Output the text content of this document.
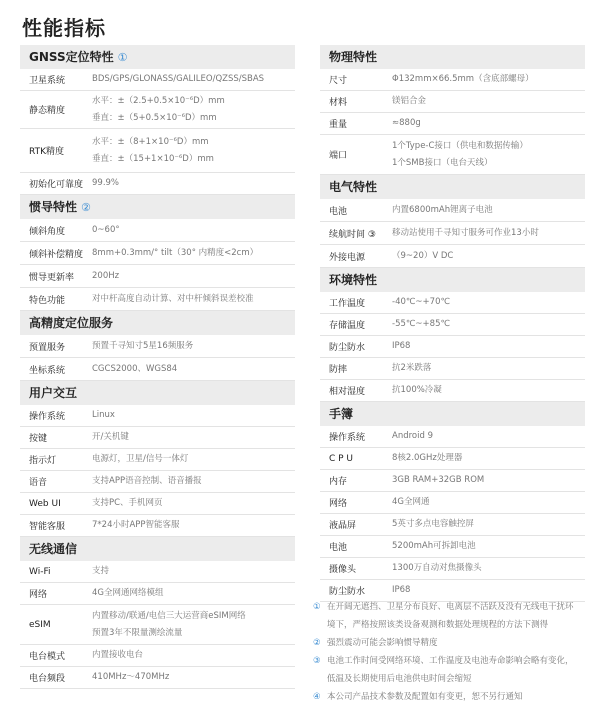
性能指标
GNSS定位特性 ①
卫星系统	BDS/GPS/GLONASS/GALILEO/QZSS/SBAS
静态精度
水平：±（2.5+0.5×10⁻⁶D）mm
垂直：±（5+0.5×10⁻⁶D）mm
RTK精度
水平：±（8+1×10⁻⁶D）mm
垂直：±（15+1×10⁻⁶D）mm
初始化可靠度	99.9%
惯导特性 ②
倾斜角度	0~60°
倾斜补偿精度	8mm+0.3mm/° tilt（30° 内精度<2cm）
惯导更新率	200Hz
特色功能	对中杆高度自动计算、对中杆倾斜误差校准
高精度定位服务
预置服务	预置千寻知寸5星16频服务
坐标系统	CGCS2000、WGS84
用户交互
操作系统	Linux
按键	开/关机键
指示灯	电源灯，卫星/信号一体灯
语音	支持APP语音控制、语音播报
Web UI	支持PC、手机网页
智能客服	7*24小时APP智能客服
无线通信
Wi-Fi	支持
网络	4G全网通网络模组
eSIM
内置移动/联通/电信三大运营商eSIM网络
预置3年不限量测绘流量
电台模式	内置接收电台
电台频段	410MHz～470MHz
物理特性
尺寸	Φ132mm×66.5mm（含底部螺母）
材料	镁铝合金
重量	≈880g
端口
1个Type-C接口（供电和数据传输）
1个SMB接口（电台天线）
电气特性
电池	内置6800mAh锂离子电池
续航时间 ③	移动站使用千寻知寸服务可作业13小时
外接电源	（9~20）V DC
环境特性
工作温度	-40℃~+70℃
存储温度	-55℃~+85℃
防尘防水	IP68
防摔	抗2米跌落
相对湿度	抗100%冷凝
手簿
操作系统	Android 9
C P U	8核2.0GHz处理器
内存	3GB RAM+32GB ROM
网络	4G全网通
液晶屏	5英寸多点电容触控屏
电池	5200mAh可拆卸电池
摄像头	1300万自动对焦摄像头
防尘防水	IP68
① 在开阔无遮挡、卫星分布良好、电离层不活跃及没有无线电干扰环
境下，严格按照该类设备观测和数据处理规程的方法下测得
② 强烈震动可能会影响惯导精度
③ 电池工作时间受网络环境、工作温度及电池寿命影响会略有变化，
低温及长期使用后电池供电时间会缩短
④ 本公司产品技术参数及配置如有变更，恕不另行通知
